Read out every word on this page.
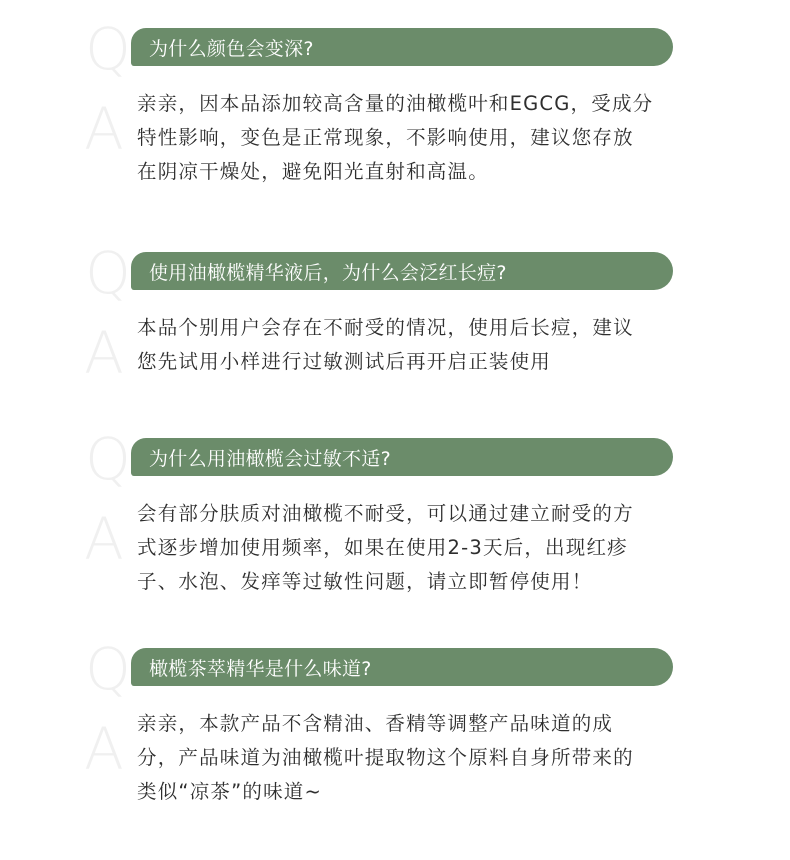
Q
A
为什么颜色会变深?
亲亲，因本品添加较高含量的油橄榄叶和EGCG，受成分
特性影响，变色是正常现象，不影响使用，建议您存放
在阴凉干燥处，避免阳光直射和高温。
Q
A
使用油橄榄精华液后，为什么会泛红长痘?
本品个别用户会存在不耐受的情况，使用后长痘，建议
您先试用小样进行过敏测试后再开启正装使用
Q
A
为什么用油橄榄会过敏不适?
会有部分肤质对油橄榄不耐受，可以通过建立耐受的方
式逐步增加使用频率，如果在使用2-3天后，出现红疹
子、水泡、发痒等过敏性问题，请立即暂停使用！
Q
A
橄榄茶萃精华是什么味道?
亲亲，本款产品不含精油、香精等调整产品味道的成
分，产品味道为油橄榄叶提取物这个原料自身所带来的
类似“凉茶”的味道~
